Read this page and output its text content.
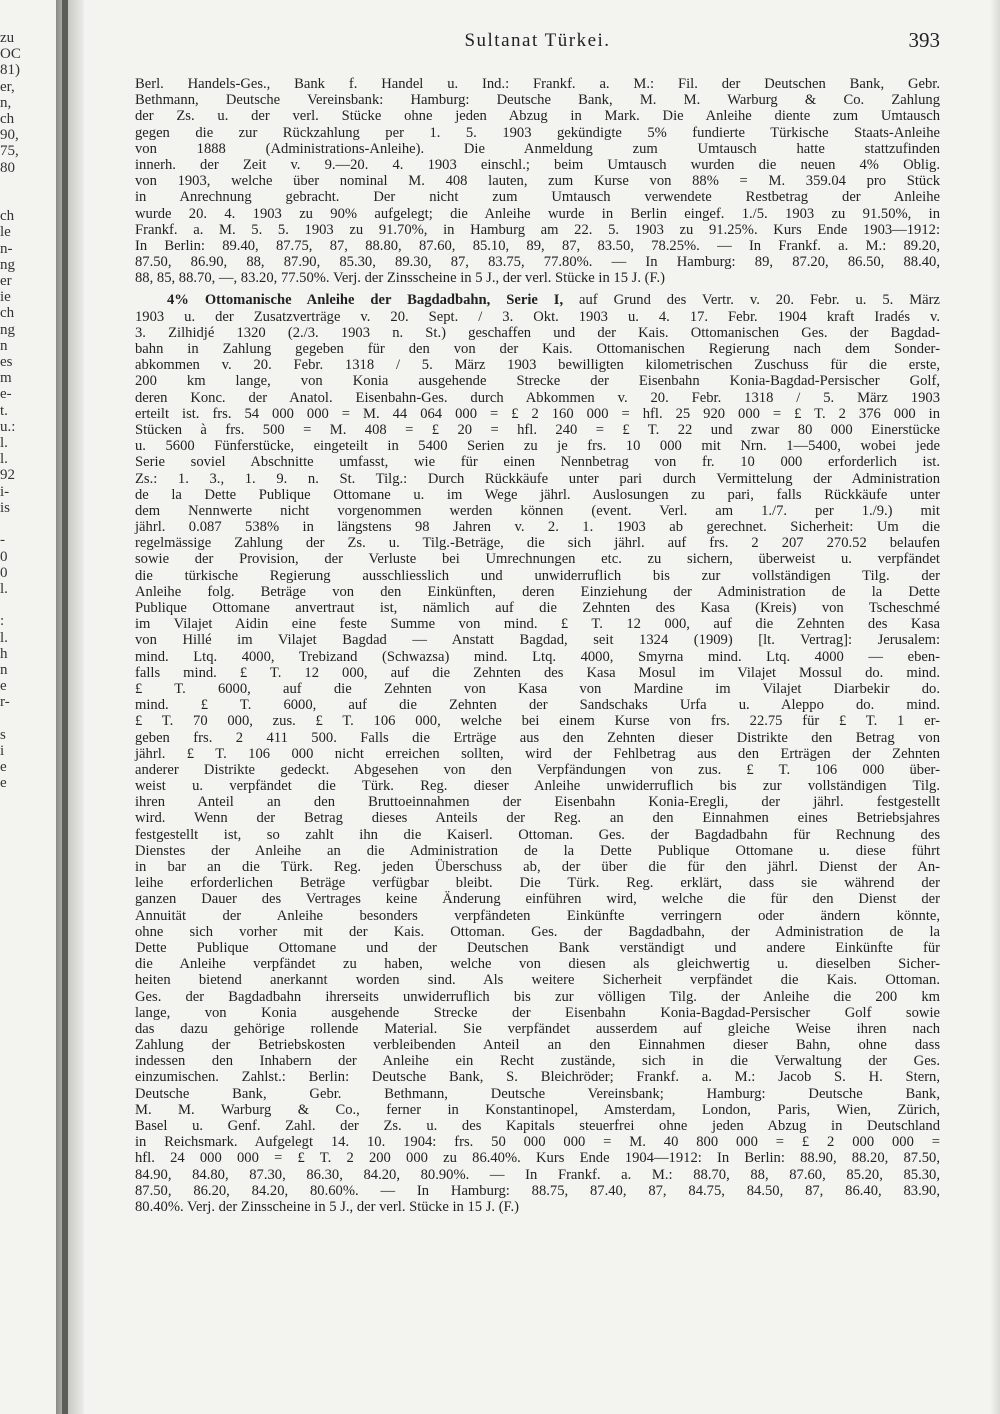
zu
OC
81)
er,
n,
ch
90,
75,
80

ch
le
n-
ng
er
ie
ch
ng
n
es
m
e-
t.
u.:
l.
l.
92
i-
is

-
0
0
l.

:
l.
h
n
e
r-

s
i
e
e
Sultanat Türkei.	393
Berl. Handels-Ges., Bank f. Handel u. Ind.: Frankf. a. M.: Fil. der Deutschen Bank, Gebr.
Bethmann, Deutsche Vereinsbank: Hamburg: Deutsche Bank, M. M. Warburg & Co. Zahlung
der Zs. u. der verl. Stücke ohne jeden Abzug in Mark. Die Anleihe diente zum Umtausch
gegen die zur Rückzahlung per 1. 5. 1903 gekündigte 5% fundierte Türkische Staats-Anleihe
von 1888 (Administrations-Anleihe). Die Anmeldung zum Umtausch hatte stattzufinden
innerh. der Zeit v. 9.—20. 4. 1903 einschl.; beim Umtausch wurden die neuen 4% Oblig.
von 1903, welche über nominal M. 408 lauten, zum Kurse von 88% = M. 359.04 pro Stück
in Anrechnung gebracht. Der nicht zum Umtausch verwendete Restbetrag der Anleihe
wurde 20. 4. 1903 zu 90% aufgelegt; die Anleihe wurde in Berlin eingef. 1./5. 1903 zu 91.50%, in
Frankf. a. M. 5. 5. 1903 zu 91.70%, in Hamburg am 22. 5. 1903 zu 91.25%. Kurs Ende 1903—1912:
In Berlin: 89.40, 87.75, 87, 88.80, 87.60, 85.10, 89, 87, 83.50, 78.25%. — In Frankf. a. M.: 89.20,
87.50, 86.90, 88, 87.90, 85.30, 89.30, 87, 83.75, 77.80%. — In Hamburg: 89, 87.20, 86.50, 88.40,
88, 85, 88.70, —, 83.20, 77.50%. Verj. der Zinsscheine in 5 J., der verl. Stücke in 15 J. (F.)
4% Ottomanische Anleihe der Bagdadbahn, Serie I, auf Grund des Vertr. v. 20. Febr. u. 5. März
1903 u. der Zusatzverträge v. 20. Sept. / 3. Okt. 1903 u. 4. 17. Febr. 1904 kraft Iradés v.
3. Zilhidjé 1320 (2./3. 1903 n. St.) geschaffen und der Kais. Ottomanischen Ges. der Bagdad-
bahn in Zahlung gegeben für den von der Kais. Ottomanischen Regierung nach dem Sonder-
abkommen v. 20. Febr. 1318 / 5. März 1903 bewilligten kilometrischen Zuschuss für die erste,
200 km lange, von Konia ausgehende Strecke der Eisenbahn Konia-Bagdad-Persischer Golf,
deren Konc. der Anatol. Eisenbahn-Ges. durch Abkommen v. 20. Febr. 1318 / 5. März 1903
erteilt ist. frs. 54 000 000 = M. 44 064 000 = £ 2 160 000 = hfl. 25 920 000 = £ T. 2 376 000 in
Stücken à frs. 500 = M. 408 = £ 20 = hfl. 240 = £ T. 22 und zwar 80 000 Einerstücke
u. 5600 Fünferstücke, eingeteilt in 5400 Serien zu je frs. 10 000 mit Nrn. 1—5400, wobei jede
Serie soviel Abschnitte umfasst, wie für einen Nennbetrag von fr. 10 000 erforderlich ist.
Zs.: 1. 3., 1. 9. n. St. Tilg.: Durch Rückkäufe unter pari durch Vermittelung der Administration
de la Dette Publique Ottomane u. im Wege jährl. Auslosungen zu pari, falls Rückkäufe unter
dem Nennwerte nicht vorgenommen werden können (event. Verl. am 1./7. per 1./9.) mit
jährl. 0.087 538% in längstens 98 Jahren v. 2. 1. 1903 ab gerechnet. Sicherheit: Um die
regelmässige Zahlung der Zs. u. Tilg.-Beträge, die sich jährl. auf frs. 2 207 270.52 belaufen
sowie der Provision, der Verluste bei Umrechnungen etc. zu sichern, überweist u. verpfändet
die türkische Regierung ausschliesslich und unwiderruflich bis zur vollständigen Tilg. der
Anleihe folg. Beträge von den Einkünften, deren Einziehung der Administration de la Dette
Publique Ottomane anvertraut ist, nämlich auf die Zehnten des Kasa (Kreis) von Tscheschmé
im Vilajet Aidin eine feste Summe von mind. £ T. 12 000, auf die Zehnten des Kasa
von Hillé im Vilajet Bagdad — Anstatt Bagdad, seit 1324 (1909) [lt. Vertrag]: Jerusalem:
mind. Ltq. 4000, Trebizand (Schwazsa) mind. Ltq. 4000, Smyrna mind. Ltq. 4000 — eben-
falls mind. £ T. 12 000, auf die Zehnten des Kasa Mosul im Vilajet Mossul do. mind.
£ T. 6000, auf die Zehnten von Kasa von Mardine im Vilajet Diarbekir do.
mind. £ T. 6000, auf die Zehnten der Sandschaks Urfa u. Aleppo do. mind.
£ T. 70 000, zus. £ T. 106 000, welche bei einem Kurse von frs. 22.75 für £ T. 1 er-
geben frs. 2 411 500. Falls die Erträge aus den Zehnten dieser Distrikte den Betrag von
jährl. £ T. 106 000 nicht erreichen sollten, wird der Fehlbetrag aus den Erträgen der Zehnten
anderer Distrikte gedeckt. Abgesehen von den Verpfändungen von zus. £ T. 106 000 über-
weist u. verpfändet die Türk. Reg. dieser Anleihe unwiderruflich bis zur vollständigen Tilg.
ihren Anteil an den Bruttoeinnahmen der Eisenbahn Konia-Eregli, der jährl. festgestellt
wird. Wenn der Betrag dieses Anteils der Reg. an den Einnahmen eines Betriebsjahres
festgestellt ist, so zahlt ihn die Kaiserl. Ottoman. Ges. der Bagdadbahn für Rechnung des
Dienstes der Anleihe an die Administration de la Dette Publique Ottomane u. diese führt
in bar an die Türk. Reg. jeden Überschuss ab, der über die für den jährl. Dienst der An-
leihe erforderlichen Beträge verfügbar bleibt. Die Türk. Reg. erklärt, dass sie während der
ganzen Dauer des Vertrages keine Änderung einführen wird, welche die für den Dienst der
Annuität der Anleihe besonders verpfändeten Einkünfte verringern oder ändern könnte,
ohne sich vorher mit der Kais. Ottoman. Ges. der Bagdadbahn, der Administration de la
Dette Publique Ottomane und der Deutschen Bank verständigt und andere Einkünfte für
die Anleihe verpfändet zu haben, welche von diesen als gleichwertig u. dieselben Sicher-
heiten bietend anerkannt worden sind. Als weitere Sicherheit verpfändet die Kais. Ottoman.
Ges. der Bagdadbahn ihrerseits unwiderruflich bis zur völligen Tilg. der Anleihe die 200 km
lange, von Konia ausgehende Strecke der Eisenbahn Konia-Bagdad-Persischer Golf sowie
das dazu gehörige rollende Material. Sie verpfändet ausserdem auf gleiche Weise ihren nach
Zahlung der Betriebskosten verbleibenden Anteil an den Einnahmen dieser Bahn, ohne dass
indessen den Inhabern der Anleihe ein Recht zustände, sich in die Verwaltung der Ges.
einzumischen. Zahlst.: Berlin: Deutsche Bank, S. Bleichröder; Frankf. a. M.: Jacob S. H. Stern,
Deutsche Bank, Gebr. Bethmann, Deutsche Vereinsbank; Hamburg: Deutsche Bank,
M. M. Warburg & Co., ferner in Konstantinopel, Amsterdam, London, Paris, Wien, Zürich,
Basel u. Genf. Zahl. der Zs. u. des Kapitals steuerfrei ohne jeden Abzug in Deutschland
in Reichsmark. Aufgelegt 14. 10. 1904: frs. 50 000 000 = M. 40 800 000 = £ 2 000 000 =
hfl. 24 000 000 = £ T. 2 200 000 zu 86.40%. Kurs Ende 1904—1912: In Berlin: 88.90, 88.20, 87.50,
84.90, 84.80, 87.30, 86.30, 84.20, 80.90%. — In Frankf. a. M.: 88.70, 88, 87.60, 85.20, 85.30,
87.50, 86.20, 84.20, 80.60%. — In Hamburg: 88.75, 87.40, 87, 84.75, 84.50, 87, 86.40, 83.90,
80.40%. Verj. der Zinsscheine in 5 J., der verl. Stücke in 15 J. (F.)
